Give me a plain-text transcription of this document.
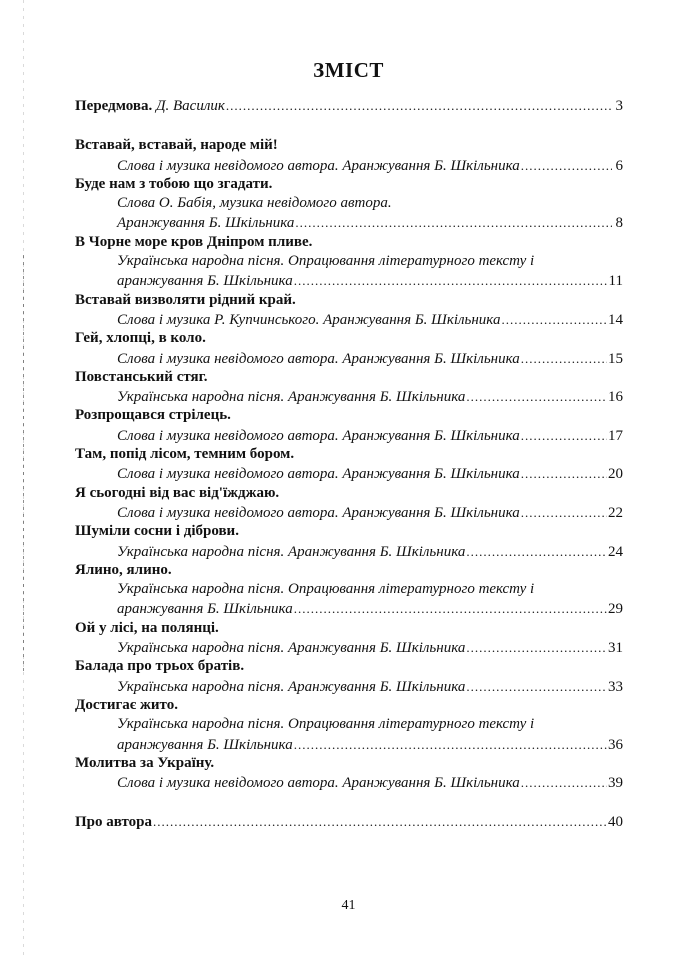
ЗМІСТ
Передмова.
Д. Василик .....	3
Вставай, вставай, народе мій!
Слова і музика невідомого автора. Аранжування Б. Шкільника .....	6
Буде нам з тобою що згадати.
Слова О. Бабія, музика невідомого автора.
Аранжування Б. Шкільника .....	8
В Чорне море кров Дніпром пливе.
Українська народна пісня. Опрацювання літературного тексту і
аранжування Б. Шкільника .....	11
Вставай визволяти рідний край.
Слова і музика Р. Купчинського. Аранжування Б. Шкільника .....	14
Гей, хлопці, в коло.
Слова і музика невідомого автора. Аранжування Б. Шкільника .....	15
Повстанський стяг.
Українська народна пісня. Аранжування Б. Шкільника .....	16
Розпрощався стрілець.
Слова і музика невідомого автора. Аранжування Б. Шкільника .....	17
Там, попід лісом, темним бором.
Слова і музика невідомого автора. Аранжування Б. Шкільника .....	20
Я сьогодні від вас від'їжджаю.
Слова і музика невідомого автора. Аранжування Б. Шкільника .....	22
Шуміли сосни і діброви.
Українська народна пісня. Аранжування Б. Шкільника .....	24
Ялино, ялино.
Українська народна пісня. Опрацювання літературного тексту і
аранжування Б. Шкільника .....	29
Ой у лісі, на полянці.
Українська народна пісня. Аранжування Б. Шкільника .....	31
Балада про трьох братів.
Українська народна пісня. Аранжування Б. Шкільника .....	33
Достигає жито.
Українська народна пісня. Опрацювання літературного тексту і
аранжування Б. Шкільника .....	36
Молитва за Україну.
Слова і музика невідомого автора. Аранжування Б. Шкільника .....	39
Про автора .....	40
41
